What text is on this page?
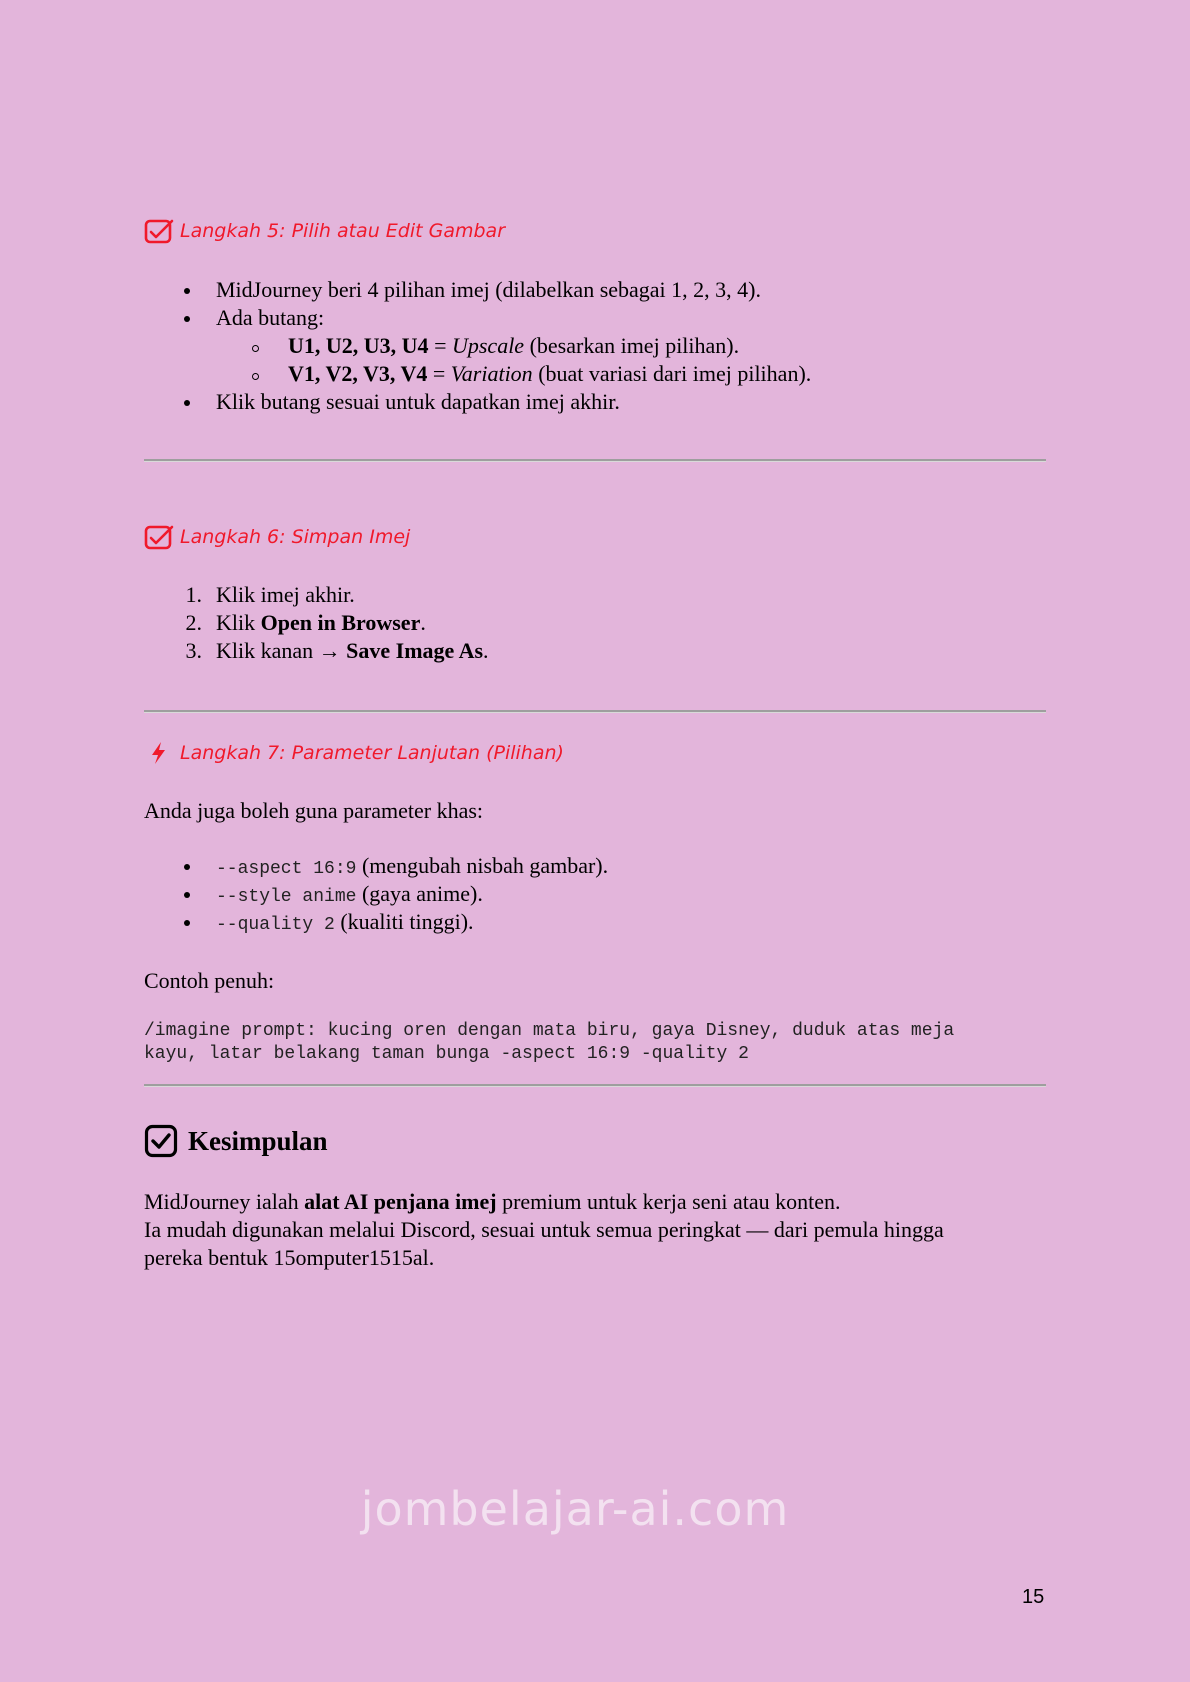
Langkah 5: Pilih atau Edit Gambar
MidJourney beri 4 pilihan imej (dilabelkan sebagai 1, 2, 3, 4).
Ada butang:
U1, U2, U3, U4 = Upscale (besarkan imej pilihan).
V1, V2, V3, V4 = Variation (buat variasi dari imej pilihan).
Klik butang sesuai untuk dapatkan imej akhir.
Langkah 6: Simpan Imej
1. Klik imej akhir.
2. Klik Open in Browser.
3. Klik kanan → Save Image As.
Langkah 7: Parameter Lanjutan (Pilihan)
Anda juga boleh guna parameter khas:
--aspect 16:9 (mengubah nisbah gambar).
--style anime (gaya anime).
--quality 2 (kualiti tinggi).
Contoh penuh:
/imagine prompt: kucing oren dengan mata biru, gaya Disney, duduk atas meja
kayu, latar belakang taman bunga -aspect 16:9 -quality 2
Kesimpulan
MidJourney ialah alat AI penjana imej premium untuk kerja seni atau konten.
Ia mudah digunakan melalui Discord, sesuai untuk semua peringkat — dari pemula hingga
pereka bentuk 15omputer1515al.
jombelajar-ai.com
15
